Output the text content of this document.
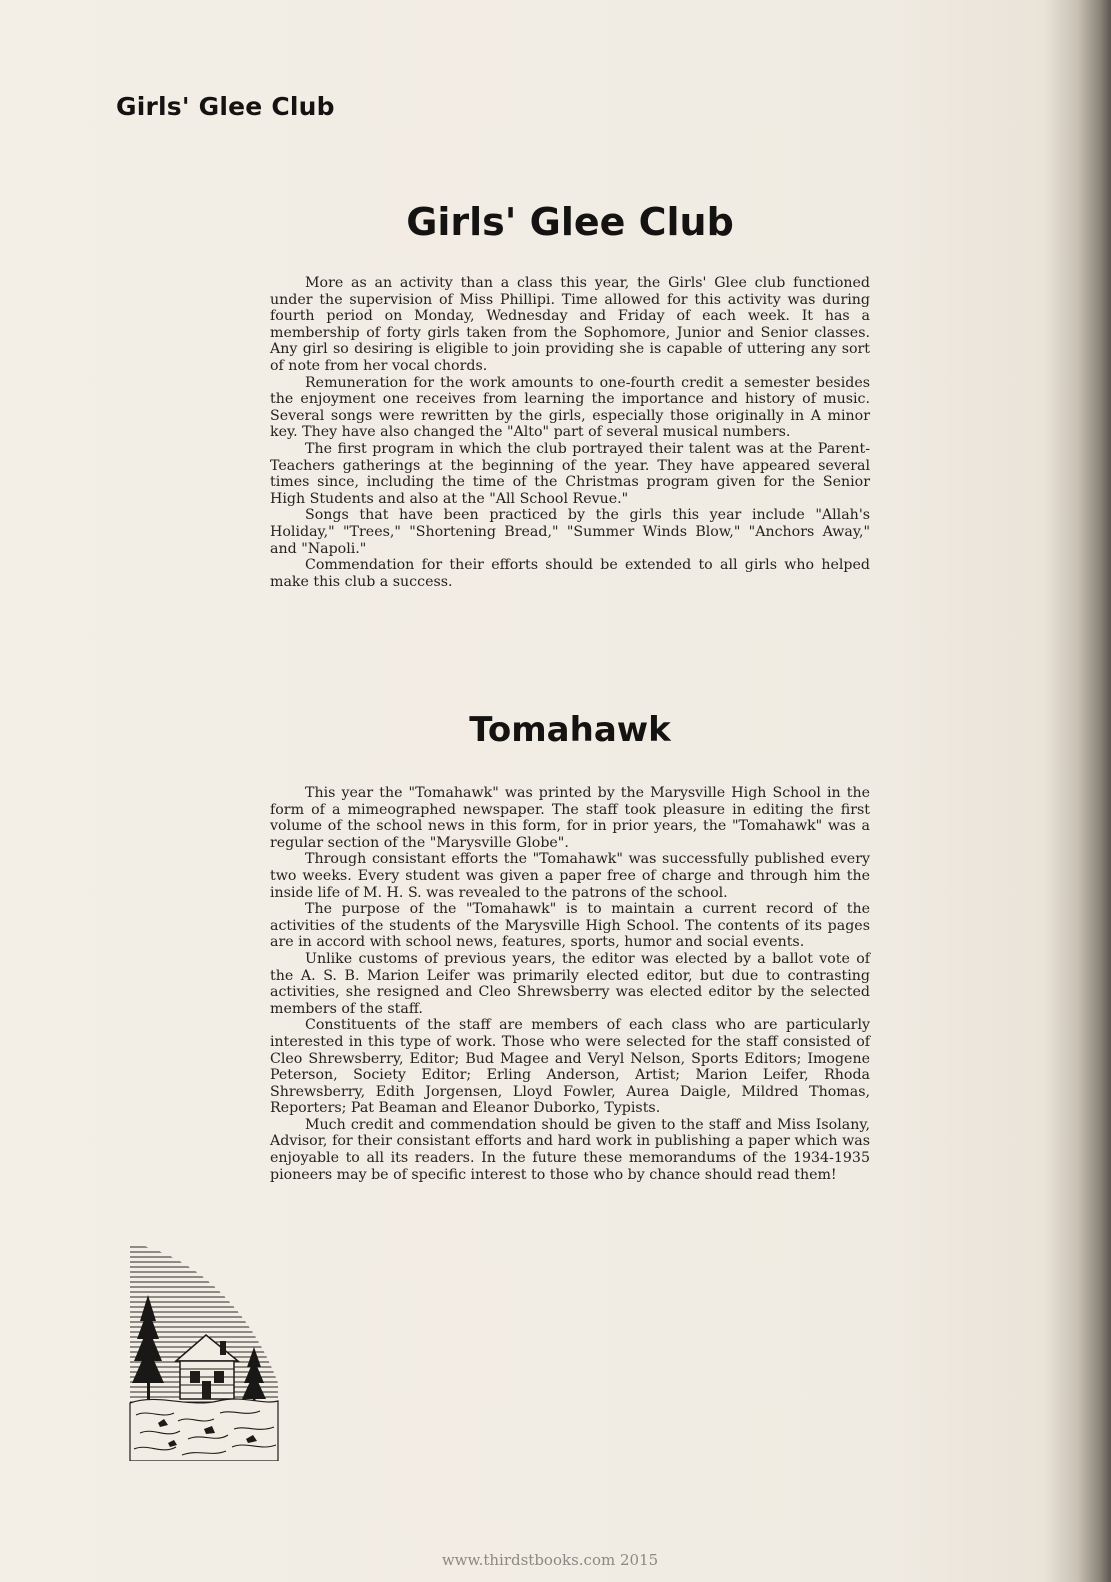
Girls' Glee Club
Girls' Glee Club

More as an activity than a class this year, the Girls' Glee club functioned under the supervision of Miss Phillipi. Time allowed for this activity was during fourth period on Monday, Wednesday and Friday of each week. It has a membership of forty girls taken from the Sophomore, Junior and Senior classes. Any girl so desiring is eligible to join providing she is capable of uttering any sort of note from her vocal chords.

Remuneration for the work amounts to one-fourth credit a semester besides the enjoyment one receives from learning the importance and history of music. Several songs were rewritten by the girls, especially those originally in A minor key. They have also changed the "Alto" part of several musical numbers.

The first program in which the club portrayed their talent was at the Parent-Teachers gatherings at the beginning of the year. They have appeared several times since, including the time of the Christmas program given for the Senior High Students and also at the "All School Revue."

Songs that have been practiced by the girls this year include "Allah's Holiday," "Trees," "Shortening Bread," "Summer Winds Blow," "Anchors Away," and "Napoli."

Commendation for their efforts should be extended to all girls who helped make this club a success.

Tomahawk

This year the "Tomahawk" was printed by the Marysville High School in the form of a mimeographed newspaper. The staff took pleasure in editing the first volume of the school news in this form, for in prior years, the "Tomahawk" was a regular section of the "Marysville Globe".

Through consistant efforts the "Tomahawk" was successfully published every two weeks. Every student was given a paper free of charge and through him the inside life of M. H. S. was revealed to the patrons of the school.

The purpose of the "Tomahawk" is to maintain a current record of the activities of the students of the Marysville High School. The contents of its pages are in accord with school news, features, sports, humor and social events.

Unlike customs of previous years, the editor was elected by a ballot vote of the A. S. B. Marion Leifer was primarily elected editor, but due to contrasting activities, she resigned and Cleo Shrewsberry was elected editor by the selected members of the staff.

Constituents of the staff are members of each class who are particularly interested in this type of work. Those who were selected for the staff consisted of Cleo Shrewsberry, Editor; Bud Magee and Veryl Nelson, Sports Editors; Imogene Peterson, Society Editor; Erling Anderson, Artist; Marion Leifer, Rhoda Shrewsberry, Edith Jorgensen, Lloyd Fowler, Aurea Daigle, Mildred Thomas, Reporters; Pat Beaman and Eleanor Duborko, Typists.

Much credit and commendation should be given to the staff and Miss Isolany, Advisor, for their consistant efforts and hard work in publishing a paper which was enjoyable to all its readers. In the future these memorandums of the 1934-1935 pioneers may be of specific interest to those who by chance should read them!

www.thirdstbooks.com 2015
